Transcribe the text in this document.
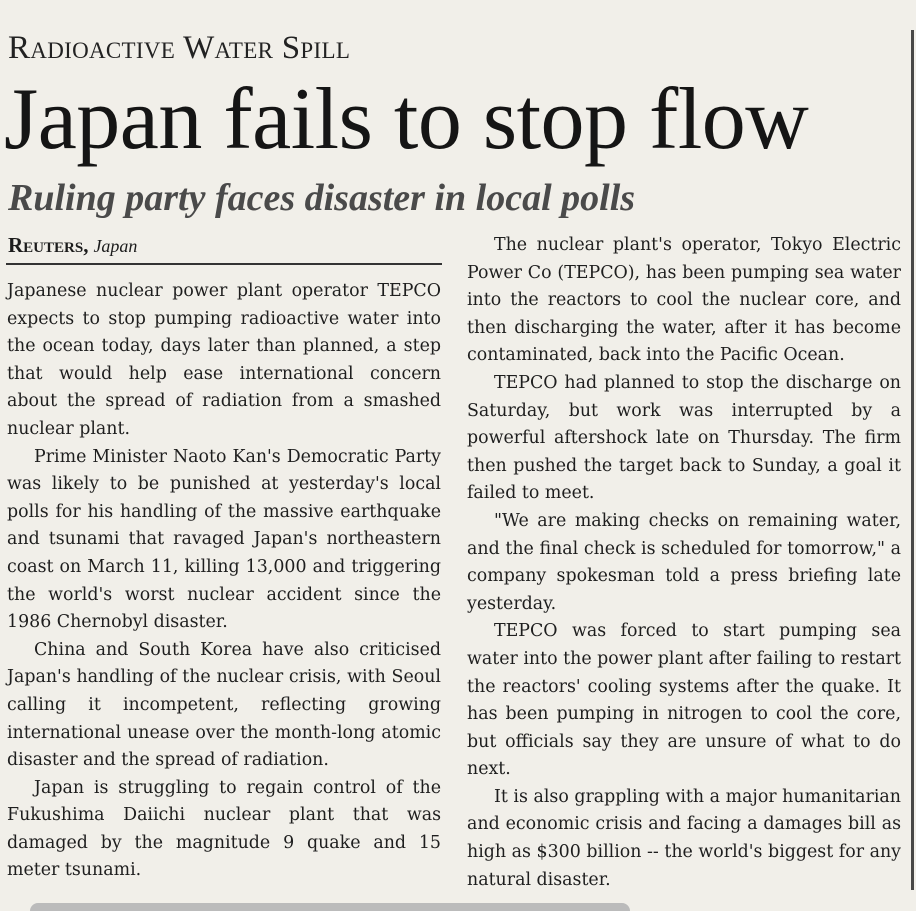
Radioactive Water Spill
Japan fails to stop flow
Ruling party faces disaster in local polls
Reuters, Japan

Japanese nuclear power plant operator TEPCO expects to stop pumping radioactive water into the ocean today, days later than planned, a step that would help ease international concern about the spread of radiation from a smashed nuclear plant.

Prime Minister Naoto Kan's Democratic Party was likely to be punished at yesterday's local polls for his handling of the massive earthquake and tsunami that ravaged Japan's northeastern coast on March 11, killing 13,000 and triggering the world's worst nuclear accident since the 1986 Chernobyl disaster.

China and South Korea have also criticised Japan's handling of the nuclear crisis, with Seoul calling it incompetent, reflecting growing international unease over the month-long atomic disaster and the spread of radiation.

Japan is struggling to regain control of the Fukushima Daiichi nuclear plant that was damaged by the magnitude 9 quake and 15 meter tsunami.

The nuclear plant's operator, Tokyo Electric Power Co (TEPCO), has been pumping sea water into the reactors to cool the nuclear core, and then discharging the water, after it has become contaminated, back into the Pacific Ocean.

TEPCO had planned to stop the discharge on Saturday, but work was interrupted by a powerful aftershock late on Thursday. The firm then pushed the target back to Sunday, a goal it failed to meet.

"We are making checks on remaining water, and the final check is scheduled for tomorrow," a company spokesman told a press briefing late yesterday.

TEPCO was forced to start pumping sea water into the power plant after failing to restart the reactors' cooling systems after the quake. It has been pumping in nitrogen to cool the core, but officials say they are unsure of what to do next.

It is also grappling with a major humanitarian and economic crisis and facing a damages bill as high as $300 billion -- the world's biggest for any natural disaster.
